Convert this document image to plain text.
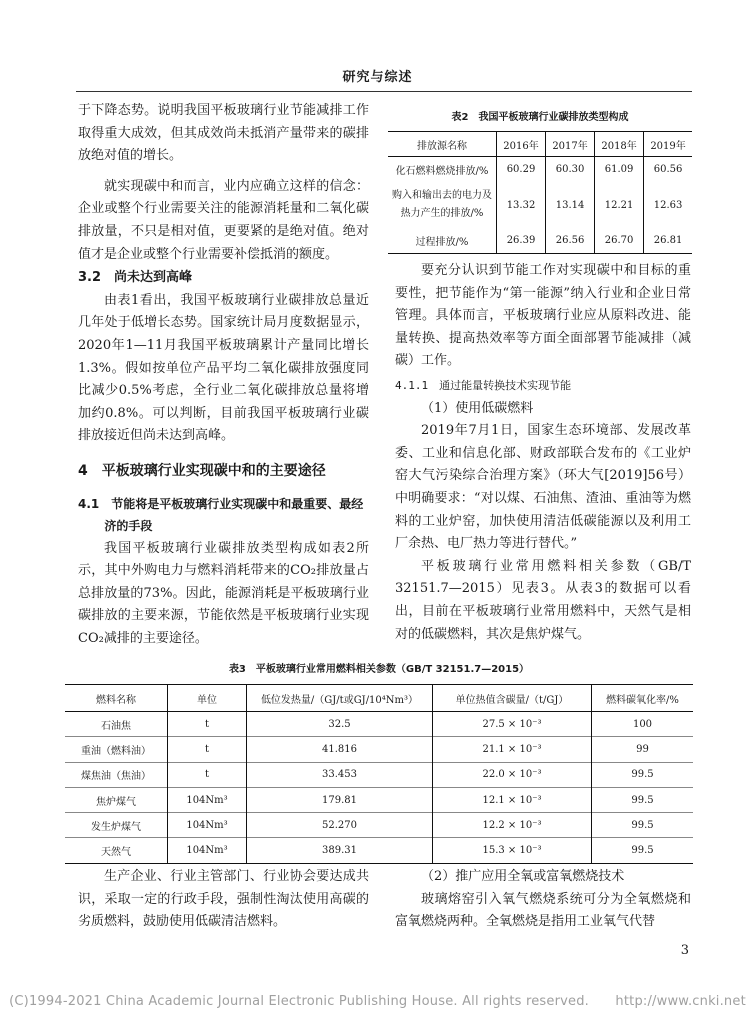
研究与综述

于下降态势。说明我国平板玻璃行业节能减排工作取得重大成效，但其成效尚未抵消产量带来的碳排放绝对值的增长。

就实现碳中和而言，业内应确立这样的信念：企业或整个行业需要关注的能源消耗量和二氧化碳排放量，不只是相对值，更要紧的是绝对值。绝对值才是企业或整个行业需要补偿抵消的额度。

3.2　尚未达到高峰

由表1看出，我国平板玻璃行业碳排放总量近几年处于低增长态势。国家统计局月度数据显示，2020年1—11月我国平板玻璃累计产量同比增长1.3%。假如按单位产品平均二氧化碳排放强度同比减少0.5%考虑，全行业二氧化碳排放总量将增加约0.8%。可以判断，目前我国平板玻璃行业碳排放接近但尚未达到高峰。

4　平板玻璃行业实现碳中和的主要途径

4.1　节能将是平板玻璃行业实现碳中和最重要、最经济的手段

我国平板玻璃行业碳排放类型构成如表2所示，其中外购电力与燃料消耗带来的CO₂排放量占总排放量的73%。因此，能源消耗是平板玻璃行业碳排放的主要来源，节能依然是平板玻璃行业实现CO₂减排的主要途径。

表2　我国平板玻璃行业碳排放类型构成
排放源名称	2016年	2017年	2018年	2019年
化石燃料燃烧排放/%	60.29	60.30	61.09	60.56
购入和输出去的电力及热力产生的排放/%	13.32	13.14	12.21	12.63
过程排放/%	26.39	26.56	26.70	26.81

要充分认识到节能工作对实现碳中和目标的重要性，把节能作为“第一能源”纳入行业和企业日常管理。具体而言，平板玻璃行业应从原料改进、能量转换、提高热效率等方面全面部署节能减排（减碳）工作。

4.1.1　通过能量转换技术实现节能

（1）使用低碳燃料

2019年7月1日，国家生态环境部、发展改革委、工业和信息化部、财政部联合发布的《工业炉窑大气污染综合治理方案》（环大气[2019]56号）中明确要求：“对以煤、石油焦、渣油、重油等为燃料的工业炉窑，加快使用清洁低碳能源以及利用工厂余热、电厂热力等进行替代。”

平板玻璃行业常用燃料相关参数（GB/T 32151.7—2015）见表3。从表3的数据可以看出，目前在平板玻璃行业常用燃料中，天然气是相对的低碳燃料，其次是焦炉煤气。

表3　平板玻璃行业常用燃料相关参数（GB/T 32151.7—2015）
燃料名称	单位	低位发热量/（GJ/t或GJ/10⁴Nm³）	单位热值含碳量/（t/GJ）	燃料碳氧化率/%
石油焦	t	32.5	27.5 × 10⁻³	100
重油（燃料油）	t	41.816	21.1 × 10⁻³	99
煤焦油（焦油）	t	33.453	22.0 × 10⁻³	99.5
焦炉煤气	104Nm³	179.81	12.1 × 10⁻³	99.5
发生炉煤气	104Nm³	52.270	12.2 × 10⁻³	99.5
天然气	104Nm³	389.31	15.3 × 10⁻³	99.5

生产企业、行业主管部门、行业协会要达成共识，采取一定的行政手段，强制性淘汰使用高碳的劣质燃料，鼓励使用低碳清洁燃料。

（2）推广应用全氧或富氧燃烧技术

玻璃熔窑引入氧气燃烧系统可分为全氧燃烧和富氧燃烧两种。全氧燃烧是指用工业氧气代替

3
(C)1994-2021 China Academic Journal Electronic Publishing House. All rights reserved.　　http://www.cnki.net
